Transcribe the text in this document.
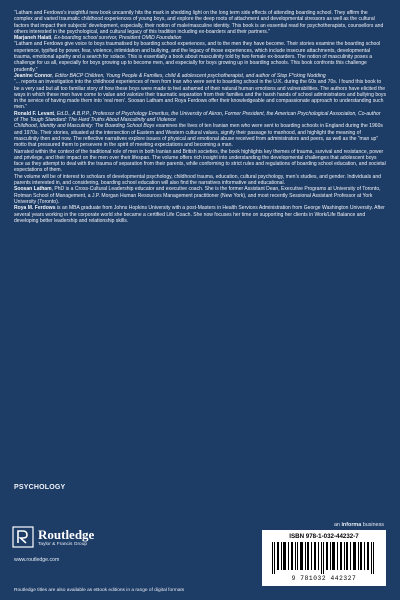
“Latham and Ferdows’s insightful new book uncannily hits the mark in shedding light on the long term side effects of attending boarding school. They affirm the complex and varied traumatic childhood experiences of young boys, and explore the deep roots of attachment and developmental stressors as well as the cultural factors that impact their subjects’ development, especially, their notion of male/masculine identity. This book is an essential read for psychotherapists, counsellors and others interested in the psychological, and cultural legacy of this tradition including ex-boarders and their partners.”

Marjaneh Halati, Ex-boarding school survivor, President OMID Foundation

“Latham and Ferdows give voice to boys traumatised by boarding school experiences, and to the men they have become. Their stories examine the boarding school experience, typified by power, fear, violence, intimidation and bullying, and the legacy of those experiences, which include insecure attachments, developmental trauma, emotional apathy and a search for solace. This is essentially a book about masculinity told by two female ex-boarders. The notion of masculinity poses a challenge for us all, especially for boys growing up to become men, and especially for boys growing up in boarding schools. This book confronts this challenge prudently.”

Jeanine Connor, Editor BACP Children, Young People & Families, child & adolescent psychotherapist, and author of Stop F*cking Nodding

“... reports an investigation into the childhood experiences of men from Iran who were sent to boarding school in the U.K. during the 60s and 70s. I found this book to be a very sad but all too familiar story of how these boys were made to feel ashamed of their natural human emotions and vulnerabilities. The authors have elicited the ways in which these men have come to value and valorize their traumatic separation from their families and the harsh hands of school administrators and bullying boys in the service of having made them into ‘real men’. Soosan Latham and Roya Ferdows offer their knowledgeable and compassionate approach to understanding such men.”

Ronald F. Levant, Ed.D., A.B.P.P., Professor of Psychology Emeritus, the University of Akron, Former President, the American Psychological Association, Co-author of The Tough Standard: The Hard Truths About Masculinity and Violence

Childhood, Identity and Masculinity: The Boarding School Boys examines the lives of ten Iranian men who were sent to boarding schools in England during the 1960s and 1970s. Their stories, situated at the intersection of Eastern and Western cultural values, signify their passage to manhood, and highlight the meaning of masculinity then and now. The reflective narratives explore issues of physical and emotional abuse received from administrators and peers, as well as the “man up” motto that pressured them to persevere in the spirit of meeting expectations and becoming a man.

Narrated within the context of the traditional role of men in both Iranian and British societies, the book highlights key themes of trauma, survival and resistance, power and privilege, and their impact on the men over their lifespan. The volume offers rich insight into understanding the developmental challenges that adolescent boys face as they attempt to deal with the trauma of separation from their parents, while conforming to strict rules and regulations of boarding school education, and societal expectations of them.

The volume will be of interest to scholars of developmental psychology, childhood trauma, education, cultural psychology, men’s studies, and gender. Individuals and parents interested in, and considering, boarding school education will also find the narratives informative and educational.

Soosan Latham, PhD is a Cross-Cultural Leadership educator and executive coach. She is the former Assistant Dean, Executive Programs at University of Toronto, Rotman School of Management, a J.P. Morgan Human Resources Management practitioner (New York), and most recently Sessional Assistant Professor at York University (Toronto).

Roya M. Ferdows is an MBA graduate from Johns Hopkins University with a post-Masters in Health Services Administration from George Washington University. After several years working in the corporate world she became a certified Life Coach. She now focuses her time on supporting her clients in Work/Life Balance and developing better leadership and relationship skills.

PSYCHOLOGY
Routledge
Taylor & Francis Group
www.routledge.com
an informa business
ISBN 978-1-032-44232-7
9 781032 442327
Routledge titles are also available as eBook editions in a range of digital formats
